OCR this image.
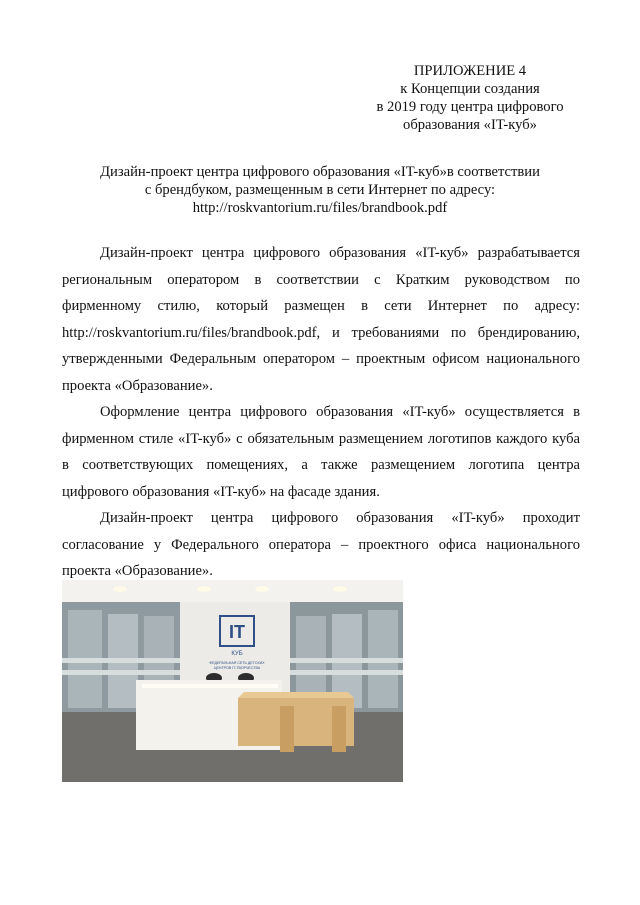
ПРИЛОЖЕНИЕ 4
к Концепции создания
в 2019 году центра цифрового
образования «IT-куб»
Дизайн-проект центра цифрового образования «IT-куб»в соответствии
с брендбуком, размещенным в сети Интернет по адресу:
http://roskvantorium.ru/files/brandbook.pdf

Дизайн-проект центра цифрового образования «IT-куб» разрабатывается региональным оператором в соответствии с Кратким руководством по фирменному стилю, который размещен в сети Интернет по адресу: http://roskvantorium.ru/files/brandbook.pdf, и требованиями по брендированию, утвержденными Федеральным оператором – проектным офисом национального проекта «Образование».

Оформление центра цифрового образования «IT-куб» осуществляется в фирменном стиле «IT-куб» с обязательным размещением логотипов каждого куба в соответствующих помещениях, а также размещением логотипа центра цифрового образования «IT-куб» на фасаде здания.

Дизайн-проект центра цифрового образования «IT-куб» проходит согласование у Федерального оператора – проектного офиса национального проекта «Образование».

IT
КУБ
ФЕДЕРАЛЬНАЯ СЕТЬ ДЕТСКИХ
ЦЕНТРОВ IT-ТВОРЧЕСТВА
